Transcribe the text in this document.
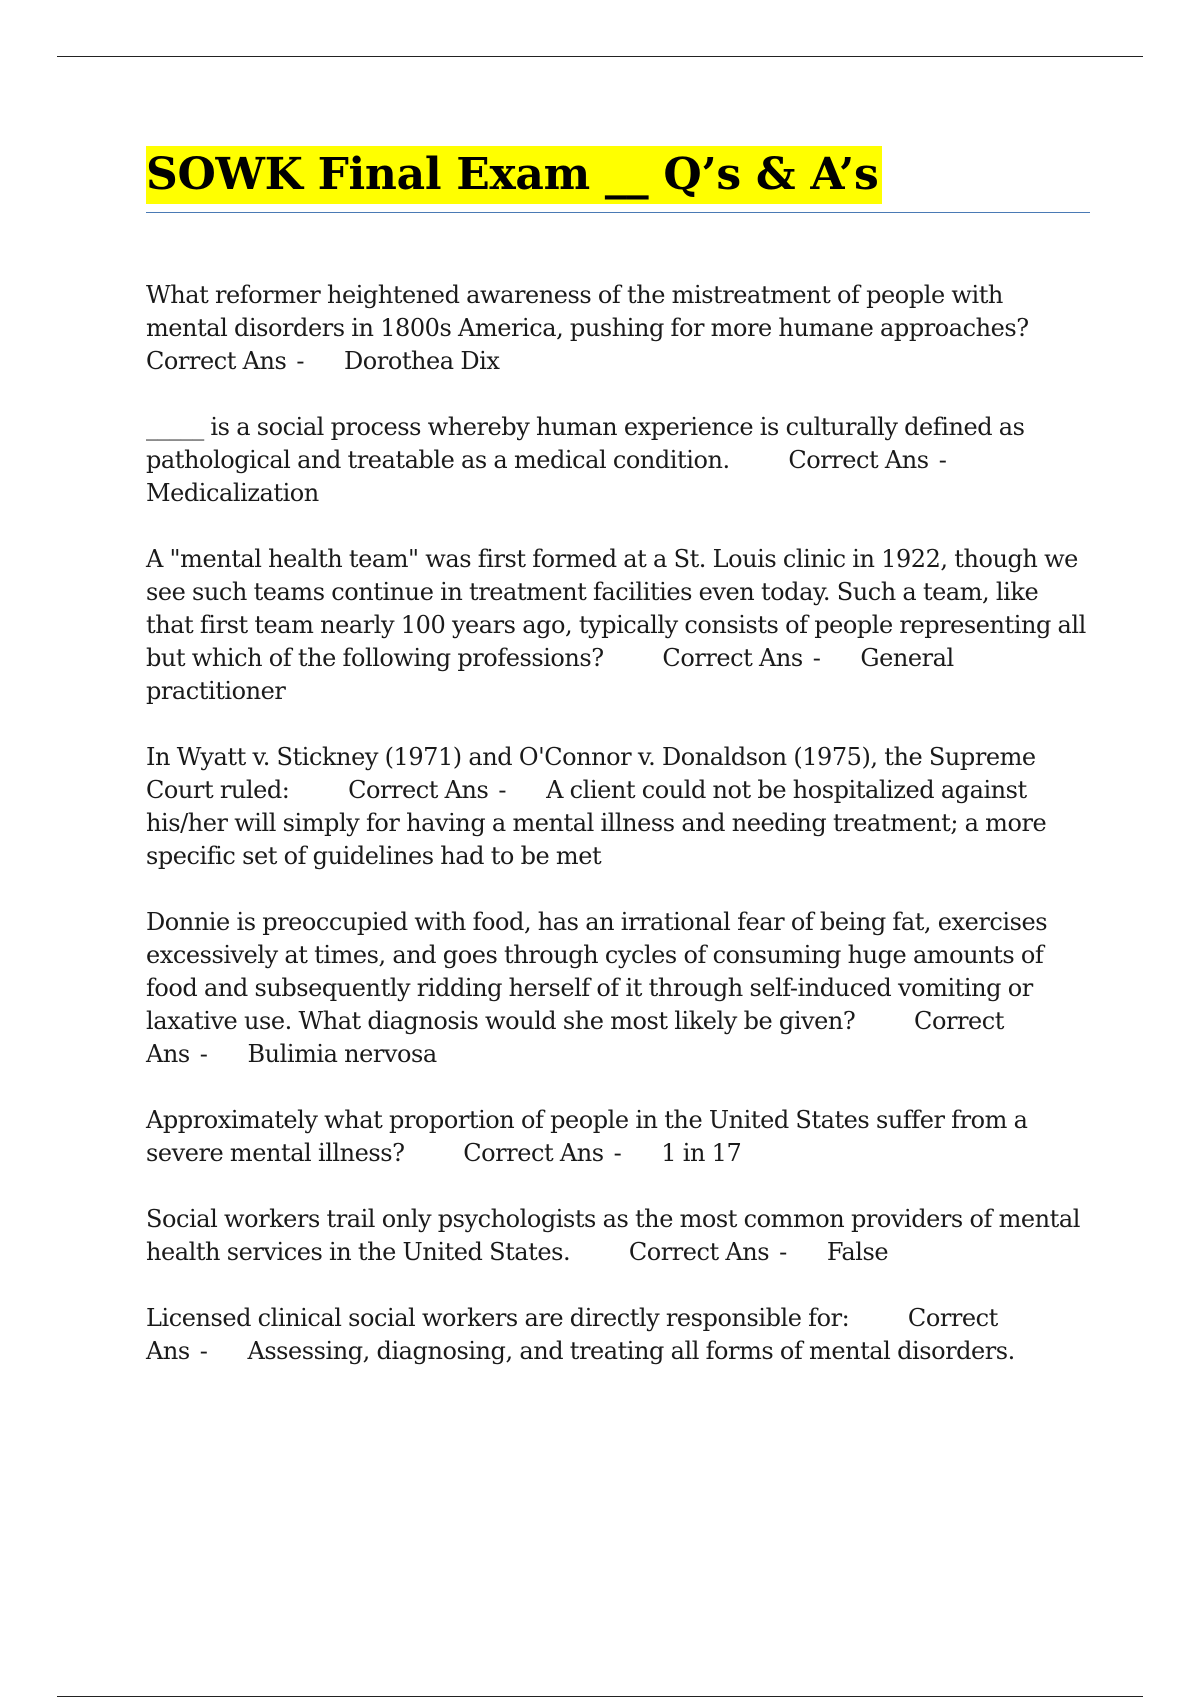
SOWK Final Exam __ Q’s & A’s

What reformer heightened awareness of the mistreatment of people with mental disorders in 1800s America, pushing for more humane approaches?
Correct Ans - Dorothea Dix

_____ is a social process whereby human experience is culturally defined as pathological and treatable as a medical condition. Correct Ans -Medicalization

A "mental health team" was first formed at a St. Louis clinic in 1922, though we see such teams continue in treatment facilities even today. Such a team, like that first team nearly 100 years ago, typically consists of people representing all but which of the following professions? Correct Ans - General practitioner

In Wyatt v. Stickney (1971) and O'Connor v. Donaldson (1975), the Supreme Court ruled: Correct Ans - A client could not be hospitalized against his/her will simply for having a mental illness and needing treatment; a more specific set of guidelines had to be met

Donnie is preoccupied with food, has an irrational fear of being fat, exercises excessively at times, and goes through cycles of consuming huge amounts of food and subsequently ridding herself of it through self-induced vomiting or laxative use. What diagnosis would she most likely be given? Correct Ans - Bulimia nervosa

Approximately what proportion of people in the United States suffer from a severe mental illness? Correct Ans - 1 in 17

Social workers trail only psychologists as the most common providers of mental health services in the United States. Correct Ans - False

Licensed clinical social workers are directly responsible for: Correct Ans - Assessing, diagnosing, and treating all forms of mental disorders.
